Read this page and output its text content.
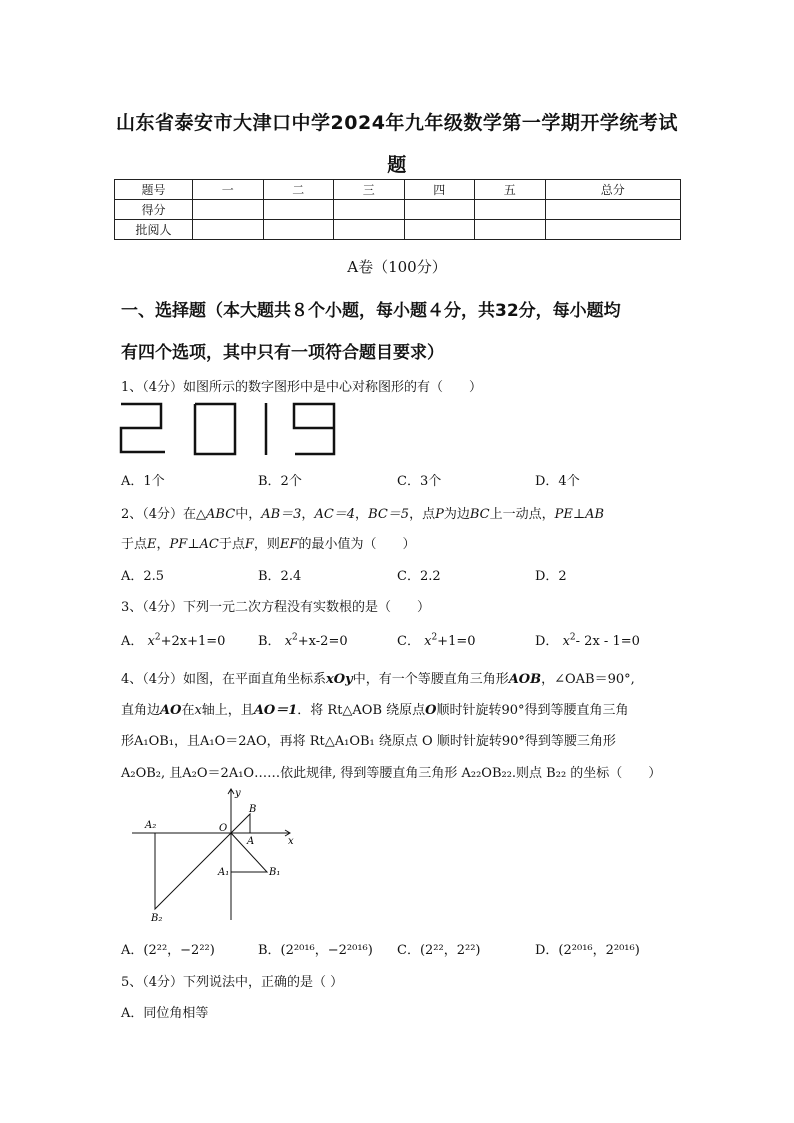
山东省泰安市大津口中学2024年九年级数学第一学期开学统考试
题
题号	一	二	三	四	五	总分
得分						
批阅人						
A卷（100分）
一、选择题（本大题共８个小题，每小题４分，共32分，每小题均
有四个选项，其中只有一项符合题目要求）
1、（4分）如图所示的数字图形中是中心对称图形的有（　　）
A．1个	B．2个	C．3个	D．4个
2、（4分）在△ABC中，AB＝3，AC＝4，BC＝5，点P为边BC上一动点，PE⊥AB
于点E，PF⊥AC于点F，则EF的最小值为（　　）
A．2.5	B．2.4	C．2.2	D．2
3、（4分）下列一元二次方程没有实数根的是（　　）
A． $x^2+2x+1=0$	B． $x^2+x-2=0$	C． $x^2+1=0$	D． $x^2-$ 2x - 1=0
4、（4分）如图，在平面直角坐标系xOy中，有一个等腰直角三角形AOB，∠OAB＝90°,
直角边AO在x轴上，且AO＝1．将 Rt△AOB 绕原点O顺时针旋转90°得到等腰直角三角
形A₁OB₁，且A₁O＝2AO，再将 Rt△A₁OB₁ 绕原点 O 顺时针旋转90°得到等腰三角形
A₂OB₂, 且A₂O＝2A₁O……依此规律, 得到等腰直角三角形 A₂₂OB₂₂.则点 B₂₂ 的坐标（　　）
y
x
O
A
B
A₁	B₁
A₂
B₂
A．(2²²，−2²²)	B．(2²⁰¹⁶，−2²⁰¹⁶) C．(2²²，2²²)	D．(2²⁰¹⁶，2²⁰¹⁶)
5、（4分）下列说法中，正确的是（ ）
A．同位角相等
